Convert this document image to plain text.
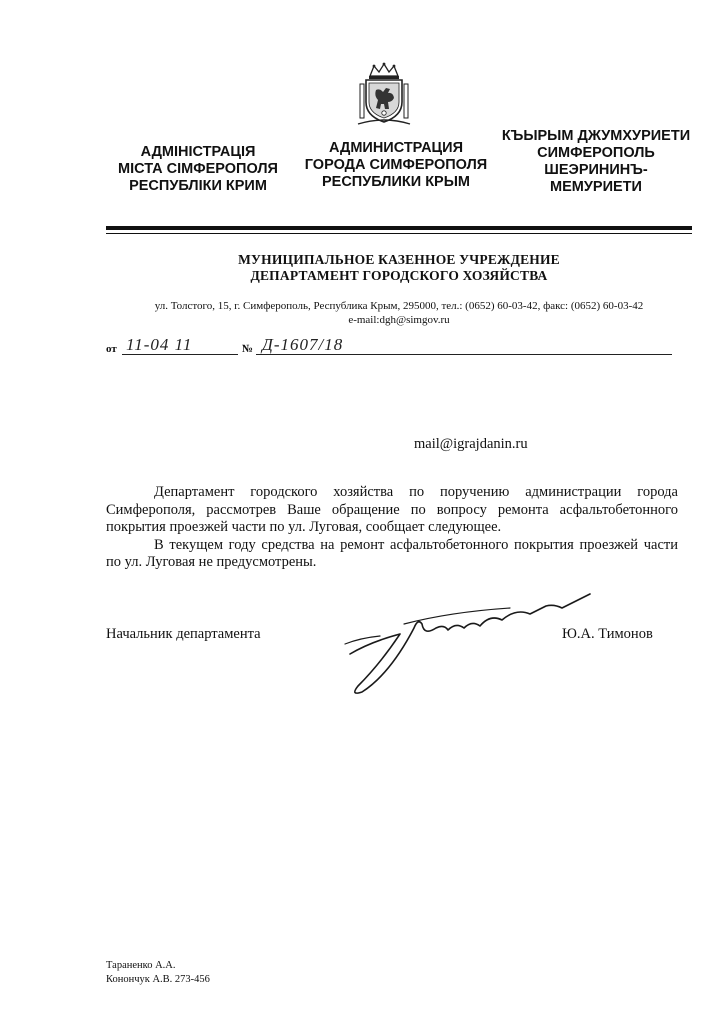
АДМІНІСТРАЦІЯ
МІСТА СІМФЕРОПОЛЯ
РЕСПУБЛІКИ КРИМ
АДМИНИСТРАЦИЯ
ГОРОДА СИМФЕРОПОЛЯ
РЕСПУБЛИКИ КРЫМ
КЪЫРЫМ ДЖУМХУРИЕТИ
СИМФЕРОПОЛЬ
ШЕЭРИНИНЪ-
МЕМУРИЕТИ
МУНИЦИПАЛЬНОЕ КАЗЕННОЕ УЧРЕЖДЕНИЕ
ДЕПАРТАМЕНТ ГОРОДСКОГО ХОЗЯЙСТВА
ул. Толстого, 15, г. Симферополь, Республика Крым, 295000, тел.: (0652) 60-03-42, факс: (0652) 60-03-42
e-mail:dgh@simgov.ru
от 11-04 11	№ Д-1607/18
mail@igrajdanin.ru

Департамент городского хозяйства по поручению администрации города Симферополя, рассмотрев Ваше обращение по вопросу ремонта асфальтобетонного покрытия проезжей части по ул. Луговая, сообщает следующее.

В текущем году средства на ремонт асфальтобетонного покрытия проезжей части по ул. Луговая не предусмотрены.

Начальник департамента	Ю.А. Тимонов
Тараненко А.А.
Конончук А.В. 273-456
